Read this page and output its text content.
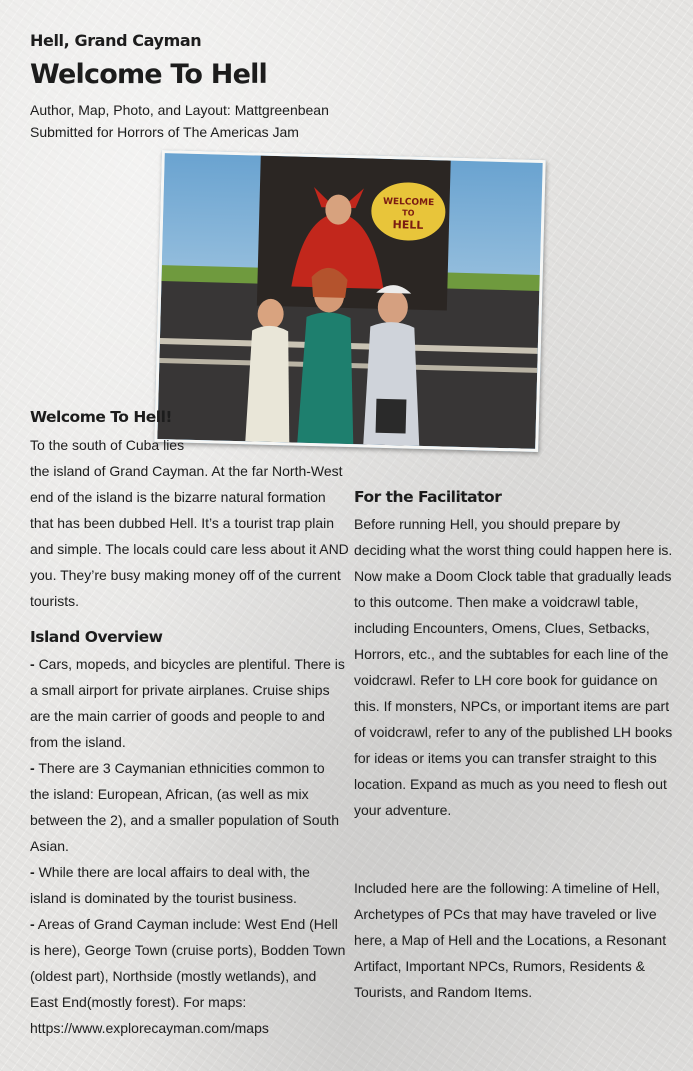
Hell, Grand Cayman
Welcome To Hell
Author, Map, Photo, and Layout: Mattgreenbean
Submitted for Horrors of The Americas Jam
WELCOME
TO
HELL
Welcome To Hell!
To the south of Cuba lies
the island of Grand Cayman. At the far North-West end of the island is the bizarre natural formation that has been dubbed Hell. It’s a tourist trap plain and simple. The locals could care less about it AND you. They’re busy making money off of the current tourists.
Island Overview

- Cars, mopeds, and bicycles are plentiful. There is a small airport for private airplanes. Cruise ships are the main carrier of goods and people to and from the island.

- There are 3 Caymanian ethnicities common to the island: European, African, (as well as mix between the 2), and a smaller population of South Asian.

- While there are local affairs to deal with, the island is dominated by the tourist business.

- Areas of Grand Cayman include: West End (Hell is here), George Town (cruise ports), Bodden Town (oldest part), Northside (mostly wetlands), and East End(mostly forest). For maps: https://www.explorecayman.com/maps

For the Facilitator
Before running Hell, you should prepare by deciding what the worst thing could happen here is. Now make a Doom Clock table that gradually leads to this outcome. Then make a voidcrawl table, including Encounters, Omens, Clues, Setbacks, Horrors, etc., and the subtables for each line of the voidcrawl. Refer to LH core book for guidance on this. If monsters, NPCs, or important items are part of voidcrawl, refer to any of the published LH books for ideas or items you can transfer straight to this location. Expand as much as you need to flesh out your adventure.
Included here are the following: A timeline of Hell, Archetypes of PCs that may have traveled or live here, a Map of Hell and the Locations, a Resonant Artifact, Important NPCs, Rumors, Residents & Tourists, and Random Items.
